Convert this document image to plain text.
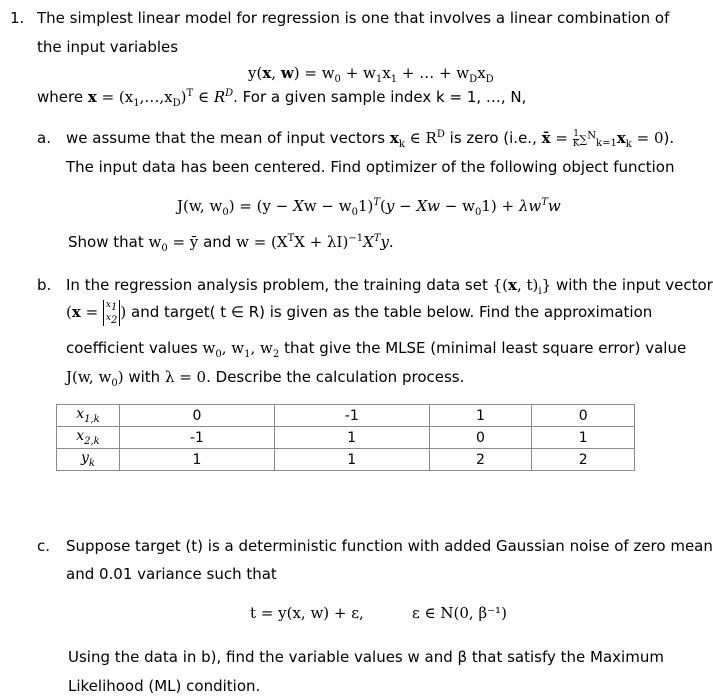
1. The simplest linear model for regression is one that involves a linear combination of
the input variables
y(x, $w) = w_0 + w_1x_1$ + … + $w_Dx_D$
where $x = (x_1,\dots,x_D)^T$ ∈ $R^D$. For a given sample index k = 1, …, N,
a. we assume that the mean of input vectors $x_k$ ∈ $R^D$ is zero (i.e., x̄ = $\frac{1}{K} \sum^N_{k=1}x_k = 0$).
The input data has been centered. Find optimizer of the following object function
J(w, $w_0) = (y - Xw - w_01)^T(y - Xw - w_01) + \lambda w^Tw$
Show that $w_0$ = ȳ and $w = (X^TX + \lambda I)^{-1}X^Ty$.
b. In the regression analysis problem, the training data set {(x, $t)_i$} with the input vector
($x = x_1$
$x_2$ ) and target( t ∈ R) is given as the table below. Find the approximation
coefficient values $w_0$, $w_1$, $w_2$ that give the MLSE (minimal least square error) value
J(w, $w_0$) with λ = 0. Describe the calculation process.
$x_{1,k}$	0	-1	1	0
$x_{2,k}$	-1	1	0	1
$y_k$	1	1	2	2
c. Suppose target (t) is a deterministic function with added Gaussian noise of zero mean
and 0.01 variance such that
t = y(x, w) + ε,	ε ∈ N(0, β⁻¹)
Using the data in b), find the variable values w and β that satisfy the Maximum
Likelihood (ML) condition.
